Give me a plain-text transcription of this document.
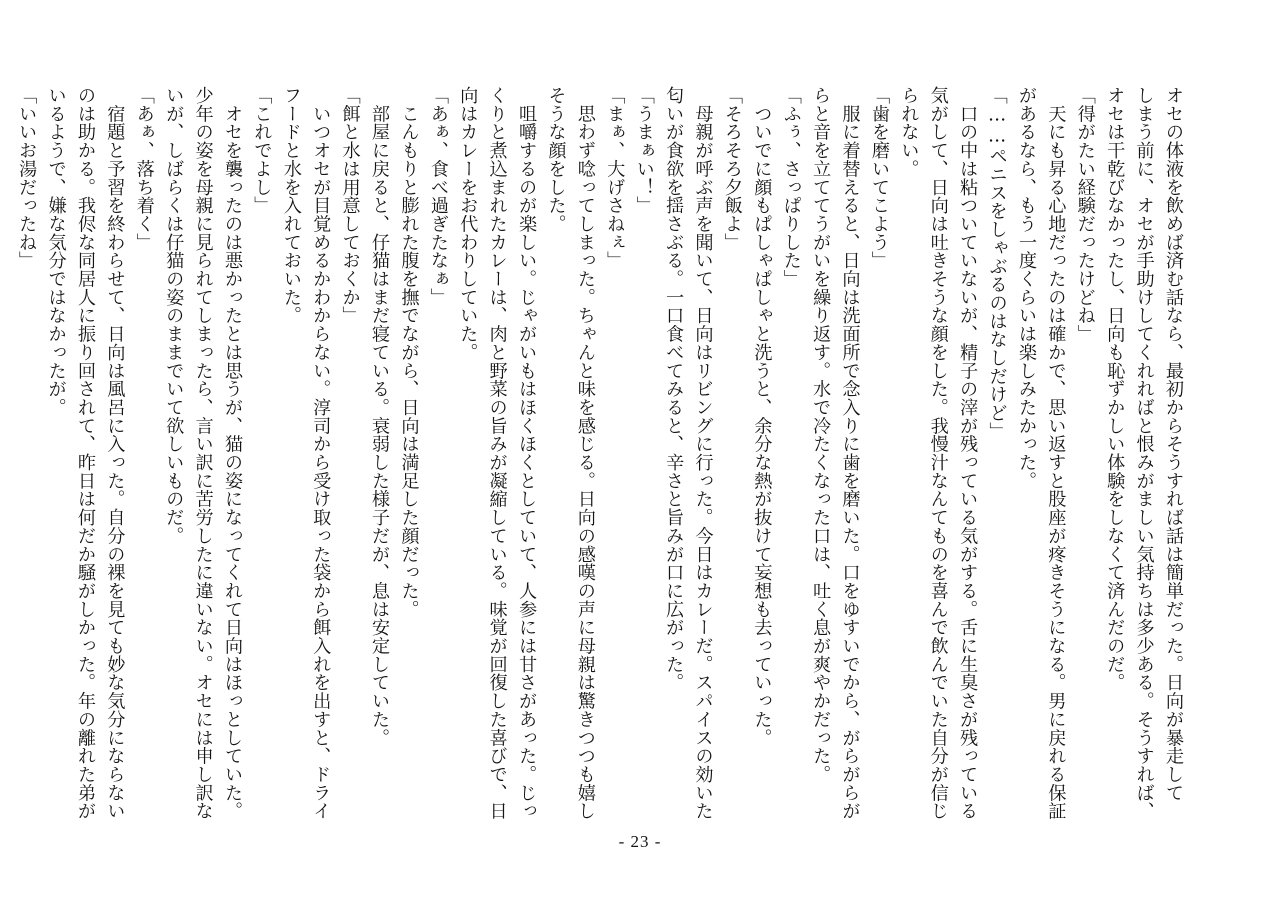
オセの体液を飲めば済む話なら、最初からそうすれば話は簡単だった。日向が暴走して

しまう前に、オセが手助けしてくれればと恨みがましい気持ちは多少ある。そうすれば、

オセは干乾びなかったし、日向も恥ずかしい体験をしなくて済んだのだ。

「得がたい経験だったけどね」

　天にも昇る心地だったのは確かで、思い返すと股座が疼きそうになる。男に戻れる保証

があるなら、もう一度くらいは楽しみたかった。

「……ペニスをしゃぶるのはなしだけど」

　口の中は粘ついていないが、精子の滓が残っている気がする。舌に生臭さが残っている

気がして、日向は吐きそうな顔をした。我慢汁なんてものを喜んで飲んでいた自分が信じ

られない。

「歯を磨いてこよう」

　服に着替えると、日向は洗面所で念入りに歯を磨いた。口をゆすいでから、がらがらが

らと音を立ててうがいを繰り返す。水で冷たくなった口は、吐く息が爽やかだった。

「ふぅ、さっぱりした」

　ついでに顔もぱしゃぱしゃと洗うと、余分な熱が抜けて妄想も去っていった。

「そろそろ夕飯よ」

　母親が呼ぶ声を聞いて、日向はリビングに行った。今日はカレーだ。スパイスの効いた

匂いが食欲を揺さぶる。一口食べてみると、辛さと旨みが口に広がった。

「うまぁい！」

「まぁ、大げさねぇ」

　思わず唸ってしまった。ちゃんと味を感じる。日向の感嘆の声に母親は驚きつつも嬉し

そうな顔をした。

　咀嚼するのが楽しい。じゃがいもはほくほくとしていて、人参には甘さがあった。じっ

くりと煮込まれたカレーは、肉と野菜の旨みが凝縮している。味覚が回復した喜びで、日

向はカレーをお代わりしていた。

「あぁ、食べ過ぎたなぁ」

　こんもりと膨れた腹を撫でながら、日向は満足した顔だった。

　部屋に戻ると、仔猫はまだ寝ている。衰弱した様子だが、息は安定していた。

「餌と水は用意しておくか」

　いつオセが目覚めるかわからない。淳司から受け取った袋から餌入れを出すと、ドライ

フードと水を入れておいた。

「これでよし」

　オセを襲ったのは悪かったとは思うが、猫の姿になってくれて日向はほっとしていた。

少年の姿を母親に見られてしまったら、言い訳に苦労したに違いない。オセには申し訳な

いが、しばらくは仔猫の姿のままでいて欲しいものだ。

「あぁ、落ち着く」

　宿題と予習を終わらせて、日向は風呂に入った。自分の裸を見ても妙な気分にならない

のは助かる。我侭な同居人に振り回されて、昨日は何だか騒がしかった。年の離れた弟が

いるようで、嫌な気分ではなかったが。

「いいお湯だったね」

- 23 -
